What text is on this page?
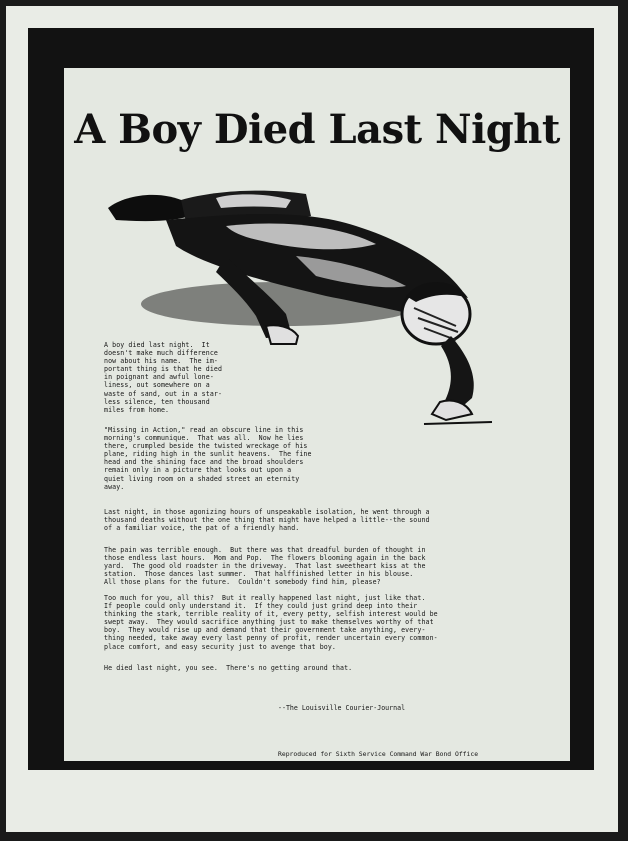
A Boy Died Last Night

A boy died last night.  It
doesn't make much difference
now about his name.  The im-
portant thing is that he died
in poignant and awful lone-
liness, out somewhere on a
waste of sand, out in a star-
less silence, ten thousand
miles from home.

"Missing in Action," read an obscure line in this
morning's communique.  That was all.  Now he lies
there, crumpled beside the twisted wreckage of his
plane, riding high in the sunlit heavens.  The fine
head and the shining face and the broad shoulders
remain only in a picture that looks out upon a
quiet living room on a shaded street an eternity
away.

Last night, in those agonizing hours of unspeakable isolation, he went through a
thousand deaths without the one thing that might have helped a little--the sound
of a familiar voice, the pat of a friendly hand.

The pain was terrible enough.  But there was that dreadful burden of thought in
those endless last hours.  Mom and Pop.  The flowers blooming again in the back
yard.  The good old roadster in the driveway.  That last sweetheart kiss at the
station.  Those dances last summer.  That halffinished letter in his blouse.
All those plans for the future.  Couldn't somebody find him, please?

Too much for you, all this?  But it really happened last night, just like that.
If people could only understand it.  If they could just grind deep into their
thinking the stark, terrible reality of it, every petty, selfish interest would be
swept away.  They would sacrifice anything just to make themselves worthy of that
boy.  They would rise up and demand that their government take anything, every-
thing needed, take away every last penny of profit, render uncertain every common-
place comfort, and easy security just to avenge that boy.

He died last night, you see.  There's no getting around that.

--The Louisville Courier-Journal

Reproduced for Sixth Service Command War Bond Office
